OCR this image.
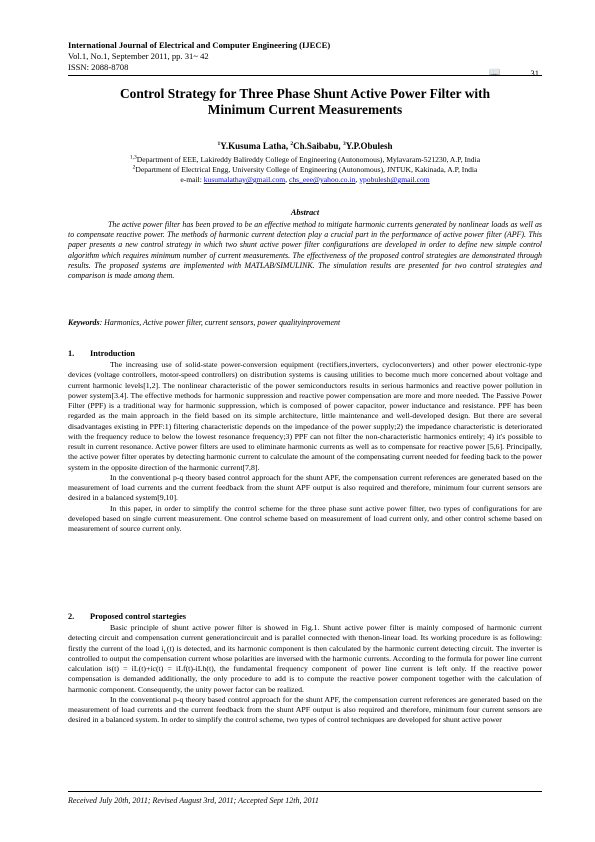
International Journal of Electrical and Computer Engineering (IJECE)
Vol.1, No.1, September 2011, pp. 31~ 42
ISSN: 2088-8708	📖	31
Control Strategy for Three Phase Shunt Active Power Filter with
Minimum Current Measurements
$^1$Y.Kusuma Latha, $^2$Ch.Saibabu, $^3$Y.P.Obulesh
$^{1,3}$Department of EEE, Lakireddy Balireddy College of Engineering (Autonomous), Mylavaram-521230, A.P, India
$^2$Department of Electrical Engg, University College of Engineering (Autonomous), JNTUK, Kakinada, A.P, India
e-mail: kusumalathay@gmail.com, chs_eee@yahoo.co.in, ypobulesh@gmail.com
Abstract

The active power filter has been proved to be an effective method to mitigate harmonic currents generated by nonlinear loads as well as to compensate reactive power. The methods of harmonic current detection play a crucial part in the performance of active power filter (APF). This paper presents a new control strategy in which two shunt active power filter configurations are developed in order to define new simple control algorithm which requires minimum number of current measurements. The effectiveness of the proposed control strategies are demonstrated through results. The proposed systems are implemented with MATLAB/SIMULINK. The simulation results are presented for two control strategies and comparison is made among them.

Keywords: Harmonics, Active power filter, current sensors, power qualityinprovement
1. Introduction

The increasing use of solid-state power-conversion equipment (rectifiers,inverters, cycloconverters) and other power electronic-type devices (voltage controllers, motor-speed controllers) on distribution systems is causing utilities to become much more concerned about voltage and current harmonic levels[1,2]. The nonlinear characteristic of the power semiconductors results in serious harmonics and reactive power pollution in power system[3.4]. The effective methods for harmonic suppression and reactive power compensation are more and more needed. The Passive Power Filter (PPF) is a traditional way for harmonic suppression, which is composed of power capacitor, power inductance and resistance. PPF has been regarded as the main approach in the field based on its simple architecture, little maintenance and well-developed design. But there are several disadvantages existing in PPF:1) filtering characteristic depends on the impedance of the power supply;2) the impedance characteristic is deteriorated with the frequency reduce to below the lowest resonance frequency;3) PPF can not filter the non-characteristic harmonics entirely; 4) it's possible to result in current resonance. Active power filters are used to eliminate harmonic currents as well as to compensate for reactive power [5,6]. Principally, the active power filter operates by detecting harmonic current to calculate the amount of the compensating current needed for feeding back to the power system in the opposite direction of the harmonic current[7,8].

In the conventional p-q theory based control approach for the shunt APF, the compensation current references are generated based on the measurement of load currents and the current feedback from the shunt APF output is also required and therefore, minimum four current sensors are desired in a balanced system[9,10].

In this paper, in order to simplify the control scheme for the three phase sunt active power filter, two types of configurations for are developed based on single current measurement. One control scheme based on measurement of load current only, and other control scheme based on measurement of source current only.

2. Proposed control startegies

Basic principle of shunt active power filter is showed in Fig.1. Shunt active power filter is mainly composed of harmonic current detecting circuit and compensation current generationcircuit and is parallel connected with thenon-linear load. Its working procedure is as following: firstly the current of the load $i_L(t)$ is detected, and its harmonic component is then calculated by the harmonic current detecting circuit. The inverter is controlled to output the compensation current whose polarities are inversed with the harmonic currents. According to the formula for power line current calculation is(t) = iL(t)+ic(t) = iLf(t)-iLh(t), the fundamental frequency component of power line current is left only. If the reactive power compensation is demanded additionally, the only procedure to add is to compute the reactive power component together with the calculation of harmonic component. Consequently, the unity power factor can be realized.

In the conventional p-q theory based control approach for the shunt APF, the compensation current references are generated based on the measurement of load currents and the current feedback from the shunt APF output is also required and therefore, minimum four current sensors are desired in a balanced system. In order to simplify the control scheme, two types of control techniques are developed for shunt active power

Received July 20th, 2011; Revised August 3rd, 2011; Accepted Sept 12th, 2011
